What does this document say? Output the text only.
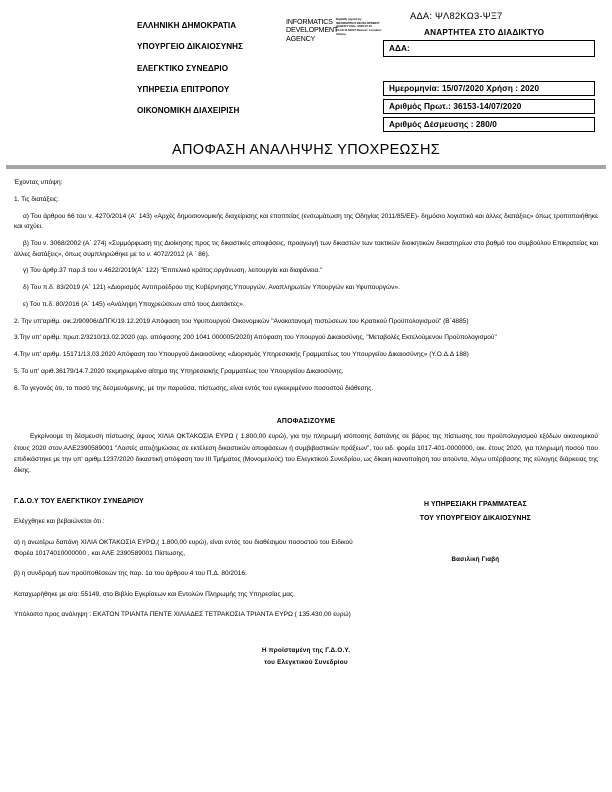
ΕΛΛΗΝΙΚΗ ΔΗΜΟΚΡΑΤΙΑ
ΥΠΟΥΡΓΕΙΟ ΔΙΚΑΙΟΣΥΝΗΣ
ΕΛΕΓΚΤΙΚΟ ΣΥΝΕΔΡΙΟ
ΥΠΗΡΕΣΙΑ ΕΠΙΤΡΟΠΟΥ
ΟΙΚΟΝΟΜΙΚΗ ΔΙΑΧΕΙΡΙΣΗ
INFORMATICS DEVELOPMENT AGENCY
Digitally signed by INFORMATICS DEVELOPMENT AGENCY Date: 2020.07.15 10:19:11 EEST Reason: Location: Athens
ΑΔΑ: ΨΛ82ΚΩ3-ΨΞ7
ΑΝΑΡΤΗΤΕΑ ΣΤΟ ΔΙΑΔΙΚΤΥΟ
ΑΔΑ:
Ημερομηνία: 15/07/2020 Χρήση : 2020
Αριθμός Πρωτ.: 36153-14/07/2020
Αριθμός Δέσμευσης : 280/0
ΑΠΟΦΑΣΗ ΑΝΑΛΗΨΗΣ ΥΠΟΧΡΕΩΣΗΣ

Έχοντας υπόψη:

1. Τις διατάξεις:

α) Του άρθρου 66 του ν. 4270/2014 (Α΄ 143) «Αρχές δημοσιονομικής διαχείρισης και εποπτείας (ενσωμάτωση της Οδηγίας 2011/85/ΕΕ)- δημόσιο λογιστικό και άλλες διατάξεις» όπως τροποποιήθηκε και ισχύει.

β) Του ν. 3068/2002 (Α΄ 274) «Συμμόρφωση της Διοίκησης προς τις δικαστικές αποφάσεις, προαγωγή των δικαστών των τακτικών διοικητικών δικαστηρίων στο βαθμό του συμβούλου Επικρατείας και άλλες διατάξεις», όπως συμπληρώθηκε με το ν. 4072/2012 (Α ΄ 86).

γ) Του άρθρ.37 παρ.3 του ν.4622/2019(Α΄ 122) "Επιτελικό κράτος:οργάνωση, λειτουργία και διαφάνεια."

δ) Του π.δ. 83/2019 (Α΄ 121) «Διορισμός Αντιπροέδρου της Κυβέρνησης,Υπουργών, Αναπληρωτών Υπουργών και Υφυπουργών».

ε) Του π.δ. 80/2016 (Α΄ 145) «Ανάληψη Υποχρεώσεων από τους Διατάκτες».

2. Την υπ'αριθμ. οικ.2/90906/ΔΠΓΚ/19.12.2019 Απόφαση του Υφυπουργού Οικονομικών "Ανακατανομή πιστώσεων του Κρατικού Προϋπολογισμού" (Β΄4885)

3.Την υπ' αριθμ. πρωτ.2/3210/13.02.2020 (αρ. απόφασης 200 1041 000005/2020) Απόφαση του Υπουργού Δικαιοσύνης, "Μεταβολές Εκτελούμενου Προϋπολογισμού"

4.Την υπ' αριθμ. 15171/13.03.2020 Απόφαση του Υπουργού Δικαιοσύνης «Διορισμός Υπηρεσιακής Γραμματέως του Υπουργείου Δικαιοσύνης» (Υ.Ο.Δ.Δ 188)

5. Το υπ' αριθ.36179/14.7.2020 τεκμηριωμένο αίτημα της Υπηρεσιακής Γραμματέως του Υπουργείου Δικαιοσύνης.

6. Το γεγονός ότι, το ποσό της δεσμευόμενης, με την παρούσα, πίστωσης, είναι εντός του εγκεκριμένου ποσοστού διάθεσης.

ΑΠΟΦΑΣΙΖΟΥΜΕ
Εγκρίνουμε τη δέσμευση πίστωσης ύψους ΧΙΛΙΑ ΟΚΤΑΚΟΣΙΑ ΕΥΡΩ ( 1.800,00 ευρώ), για την πληρωμή ισόποσης δαπάνης σε βάρος της πίστωσης του προϋπολογισμού εξόδων οικονομικού έτους 2020 στον ΑΛΕ2390589001 "Λοιπές αποζημιώσεις σε εκτέλεση δικαστικών αποφάσεων ή συμβιβαστικών πράξεων", του ειδ. φορέα 1017-401-0000000, οικ. έτους 2020, για πληρωμή ποσού που επιδικάστηκε με την υπ' αριθμ.1237/2020 δικαστική απόφαση του ΙΙΙ Τμήματος (Μονομελούς) του Ελεγκτικού Συνεδρίου, ως δίκαιη ικανοποίηση του αιτούντα, λόγω υπέρβασης της εύλογης διάρκειας της δίκης.
Γ.Δ.Ο.Υ ΤΟΥ ΕΛΕΓΚΤΙΚΟΥ ΣΥΝΕΔΡΙΟΥ

Ελέγχθηκε και βεβαιώνεται ότι :

α) η ανωτέρω δαπάνη ΧΙΛΙΑ ΟΚΤΑΚΟΣΙΑ ΕΥΡΩ,( 1.800,00 ευρώ), είναι εντός του διαθέσιμου ποσοστού του Ειδικού Φορέα 10174010000000 , και ΑΛΕ 2390589001 Πίστωσης,

β) η συνδρομή των προϋποθέσεων της παρ. 1α του άρθρου 4 του Π.Δ. 80/2016.

Καταχωρήθηκε με α/α: 55149, στο Βιβλίο Εγκρίσεων και Εντολών Πληρωμής της Υπηρεσίας μας.

Υπόλοιπο προς ανάληψη : ΕΚΑΤΟΝ ΤΡΙΑΝΤΑ ΠΕΝΤΕ ΧΙΛΙΑΔΕΣ ΤΕΤΡΑΚΟΣΙΑ ΤΡΙΑΝΤΑ ΕΥΡΩ ( 135.430,00 ευρώ)

Η ΥΠΗΡΕΣΙΑΚΗ ΓΡΑΜΜΑΤΕΑΣ
ΤΟΥ ΥΠΟΥΡΓΕΙΟΥ ΔΙΚΑΙΟΣΥΝΗΣ
Βασιλική Γιαβή
Η προϊσταμένη της Γ.Δ.Ο.Υ.
του Ελεγκτικού Συνεδρίου
